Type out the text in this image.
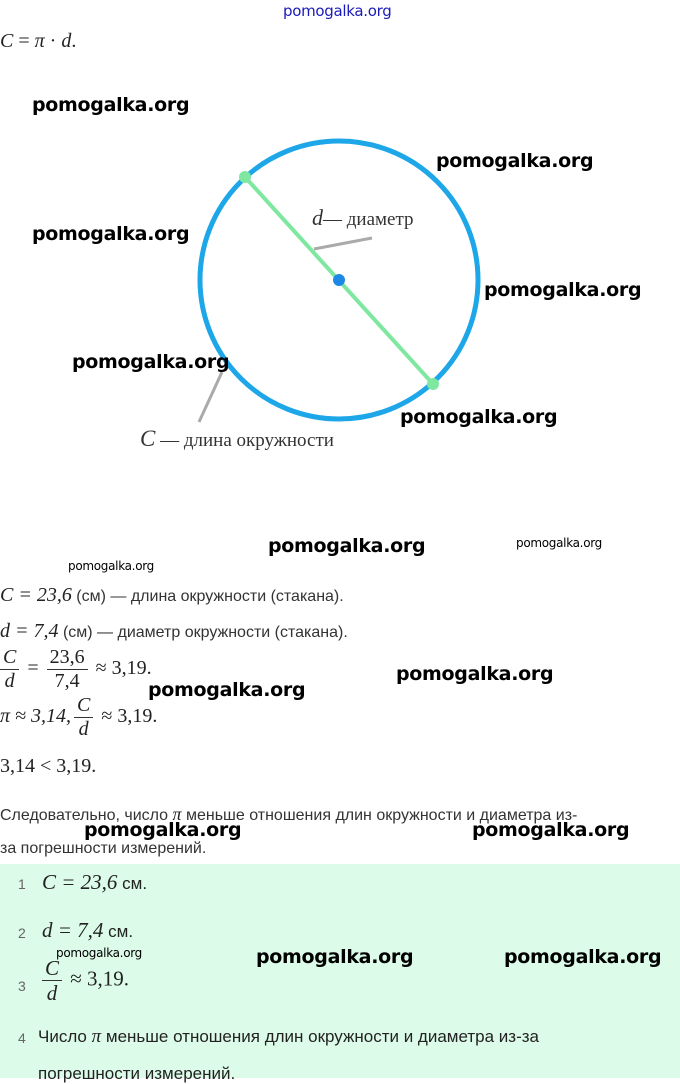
pomogalka.org
C = π · d.
d— диаметр
C — длина окружности
pomogalka.org
pomogalka.org
pomogalka.org
pomogalka.org
pomogalka.org
pomogalka.org
pomogalka.org	pomogalka.org
pomogalka.org
C = 23,6 (см) — длина окружности (стакана).
d = 7,4 (см) — диаметр окружности (стакана).
$\frac{C}{d} = \frac{23,6}{7,4} \approx 3,19$.
π ≈ 3,14, $\frac{C}{d} \approx 3,19$.
3,14 < 3,19.
Следовательно, число π меньше отношения длин окружности и диаметра из-
за погрешности измерений.
pomogalka.org
pomogalka.org
pomogalka.org	pomogalka.org
1 C = 23,6 см.
2 d = 7,4 см.
$3 \frac{C}{d} \approx 3,19$.
4 Число π меньше отношения длин окружности и диаметра из-за
погрешности измерений.
pomogalka.org	pomogalka.org	pomogalka.org
